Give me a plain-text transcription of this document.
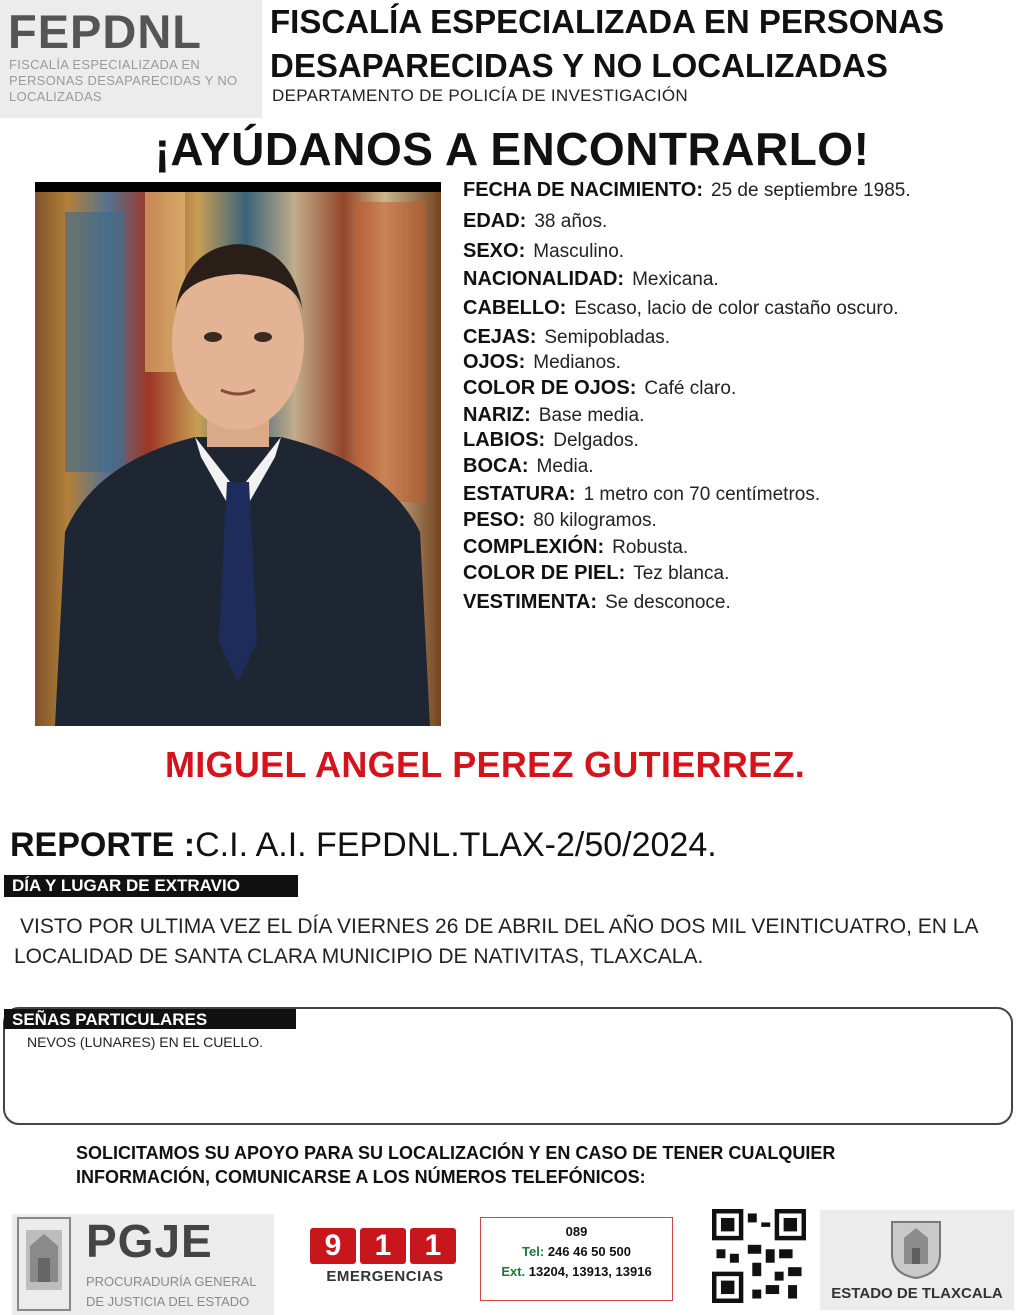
FEPDNL
FISCALÍA ESPECIALIZADA EN PERSONAS DESAPARECIDAS Y NO LOCALIZADAS
FISCALÍA ESPECIALIZADA EN PERSONAS
DESAPARECIDAS Y NO LOCALIZADAS
DEPARTAMENTO DE POLICÍA DE INVESTIGACIÓN
¡AYÚDANOS A ENCONTRARLO!
FECHA DE NACIMIENTO: 25 de septiembre 1985.
EDAD: 38 años.
SEXO: Masculino.
NACIONALIDAD: Mexicana.
CABELLO: Escaso, lacio de color castaño oscuro.
CEJAS: Semipobladas.
OJOS: Medianos.
COLOR DE OJOS: Café claro.
NARIZ: Base media.
LABIOS: Delgados.
BOCA: Media.
ESTATURA: 1 metro con 70 centímetros.
PESO: 80 kilogramos.
COMPLEXIÓN: Robusta.
COLOR DE PIEL: Tez blanca.
VESTIMENTA: Se desconoce.
MIGUEL ANGEL PEREZ GUTIERREZ.
REPORTE :C.I. A.I. FEPDNL.TLAX-2/50/2024.
DÍA Y LUGAR DE EXTRAVIO
VISTO POR ULTIMA VEZ EL DÍA VIERNES 26 DE ABRIL DEL AÑO DOS MIL VEINTICUATRO, EN LA LOCALIDAD DE SANTA CLARA MUNICIPIO DE NATIVITAS, TLAXCALA.
SEÑAS PARTICULARES
NEVOS (LUNARES) EN EL CUELLO.
SOLICITAMOS SU APOYO PARA SU LOCALIZACIÓN Y EN CASO DE TENER CUALQUIER INFORMACIÓN, COMUNICARSE A LOS NÚMEROS TELEFÓNICOS:
PGJE
PROCURADURÍA GENERAL DE JUSTICIA DEL ESTADO
9	1	1
EMERGENCIAS
089
Tel: 246 46 50 500
Ext. 13204, 13913, 13916
ESTADO DE TLAXCALA
